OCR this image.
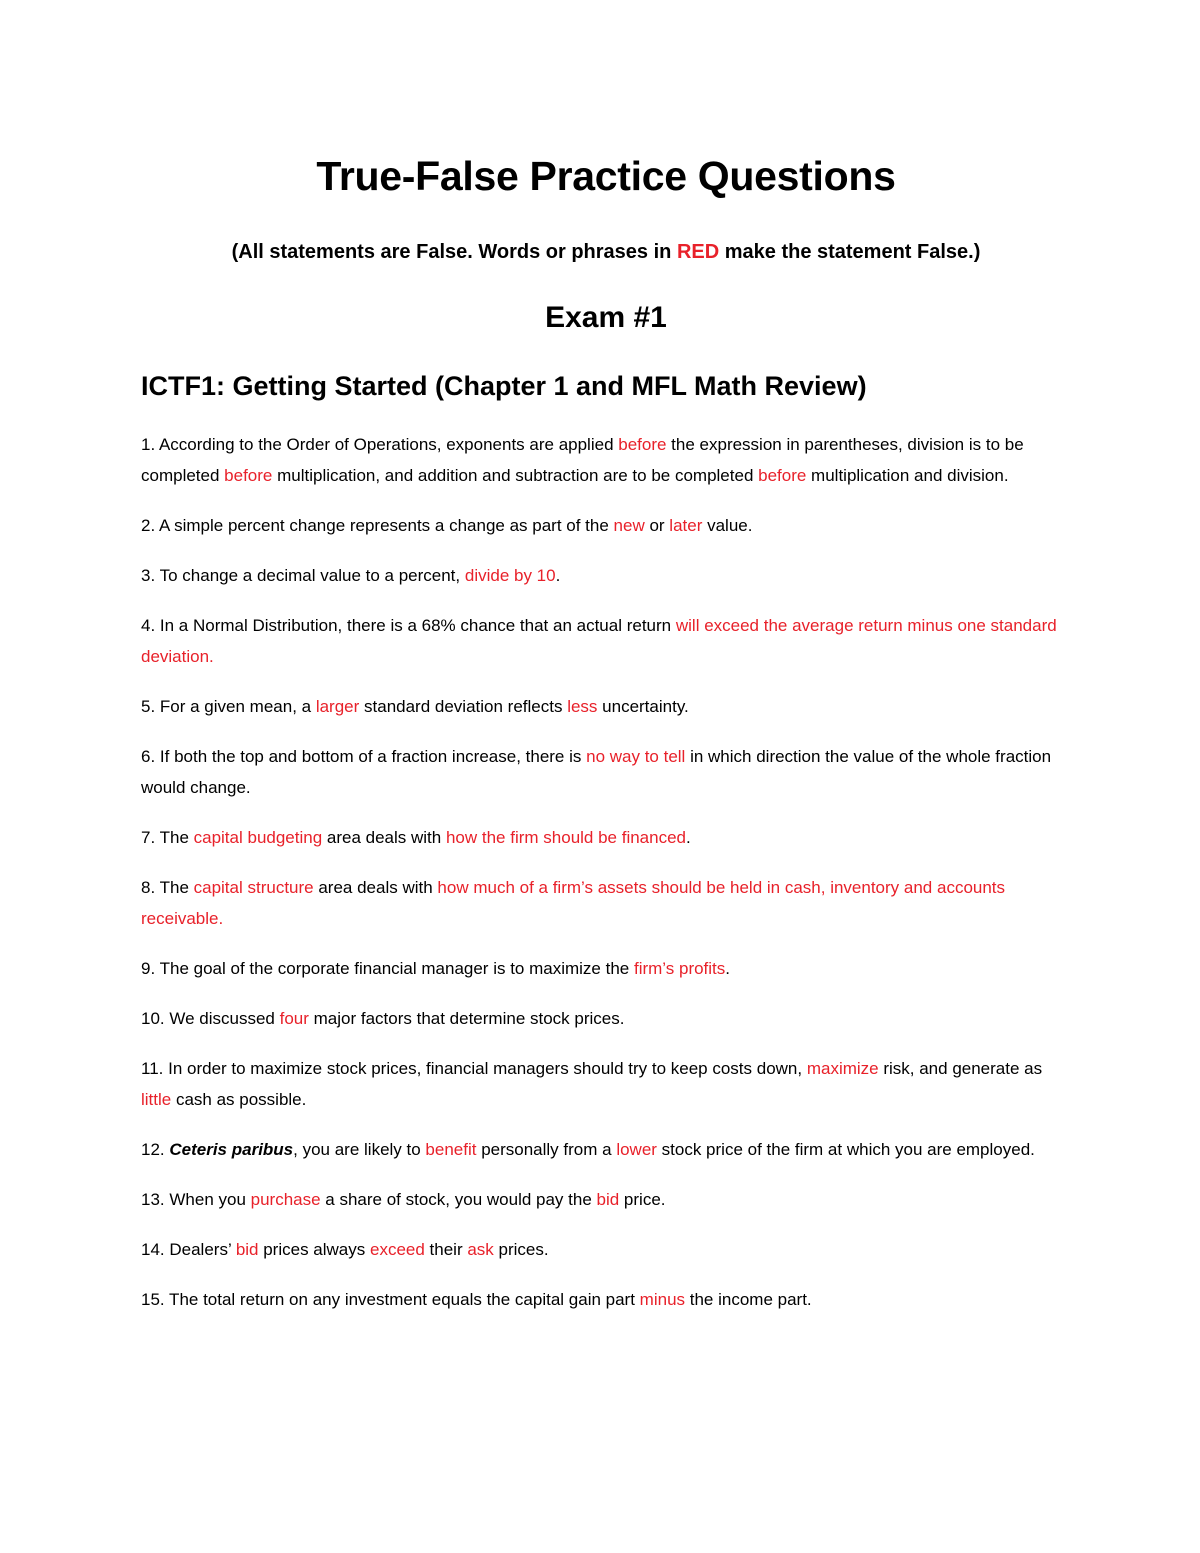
True-False Practice Questions

(All statements are False. Words or phrases in RED make the statement False.)

Exam #1
ICTF1: Getting Started (Chapter 1 and MFL Math Review)
1. According to the Order of Operations, exponents are applied before the expression in parentheses, division is to be completed before multiplication, and addition and subtraction are to be completed before multiplication and division.
2. A simple percent change represents a change as part of the new or later value.
3. To change a decimal value to a percent, divide by 10.
4. In a Normal Distribution, there is a 68% chance that an actual return will exceed the average return minus one standard deviation.
5. For a given mean, a larger standard deviation reflects less uncertainty.
6. If both the top and bottom of a fraction increase, there is no way to tell in which direction the value of the whole fraction would change.
7. The capital budgeting area deals with how the firm should be financed.
8. The capital structure area deals with how much of a firm’s assets should be held in cash, inventory and accounts receivable.
9. The goal of the corporate financial manager is to maximize the firm’s profits.
10. We discussed four major factors that determine stock prices.
11. In order to maximize stock prices, financial managers should try to keep costs down, maximize risk, and generate as little cash as possible.
12. Ceteris paribus, you are likely to benefit personally from a lower stock price of the firm at which you are employed.
13. When you purchase a share of stock, you would pay the bid price.
14. Dealers’ bid prices always exceed their ask prices.
15. The total return on any investment equals the capital gain part minus the income part.
